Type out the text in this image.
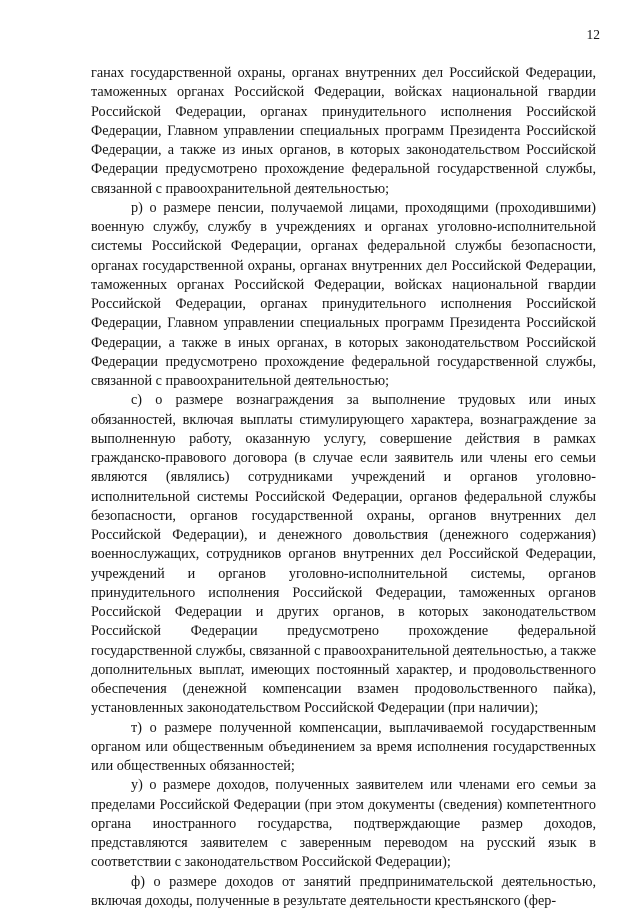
12

ганах государственной охраны, органах внутренних дел Российской Федерации, таможенных органах Российской Федерации, войсках национальной гвардии Российской Федерации, органах принудительного исполнения Российской Федерации, Главном управлении специальных программ Президента Российской Федерации, а также из иных органов, в которых законодательством Российской Федерации предусмотрено прохождение федеральной государственной службы, связанной с правоохранительной деятельностью;

р) о размере пенсии, получаемой лицами, проходящими (проходившими) военную службу, службу в учреждениях и органах уголовно-исполнительной системы Российской Федерации, органах федеральной службы безопасности, органах государственной охраны, органах внутренних дел Российской Федерации, таможенных органах Российской Федерации, войсках национальной гвардии Российской Федерации, органах принудительного исполнения Российской Федерации, Главном управлении специальных программ Президента Российской Федерации, а также в иных органах, в которых законодательством Российской Федерации предусмотрено прохождение федеральной государственной службы, связанной с правоохранительной деятельностью;

с) о размере вознаграждения за выполнение трудовых или иных обязанностей, включая выплаты стимулирующего характера, вознаграждение за выполненную работу, оказанную услугу, совершение действия в рамках гражданско-правового договора (в случае если заявитель или члены его семьи являются (являлись) сотрудниками учреждений и органов уголовно-исполнительной системы Российской Федерации, органов федеральной службы безопасности, органов государственной охраны, органов внутренних дел Российской Федерации), и денежного довольствия (денежного содержания) военнослужащих, сотрудников органов внутренних дел Российской Федерации, учреждений и органов уголовно-исполнительной системы, органов принудительного исполнения Российской Федерации, таможенных органов Российской Федерации и других органов, в которых законодательством Российской Федерации предусмотрено прохождение федеральной государственной службы, связанной с правоохранительной деятельностью, а также дополнительных выплат, имеющих постоянный характер, и продовольственного обеспечения (денежной компенсации взамен продовольственного пайка), установленных законодательством Российской Федерации (при наличии);

т) о размере полученной компенсации, выплачиваемой государственным органом или общественным объединением за время исполнения государственных или общественных обязанностей;

у) о размере доходов, полученных заявителем или членами его семьи за пределами Российской Федерации (при этом документы (сведения) компетентного органа иностранного государства, подтверждающие размер доходов, представляются заявителем с заверенным переводом на русский язык в соответствии с законодательством Российской Федерации);

ф) о размере доходов от занятий предпринимательской деятельностью, включая доходы, полученные в результате деятельности крестьянского (фер-
